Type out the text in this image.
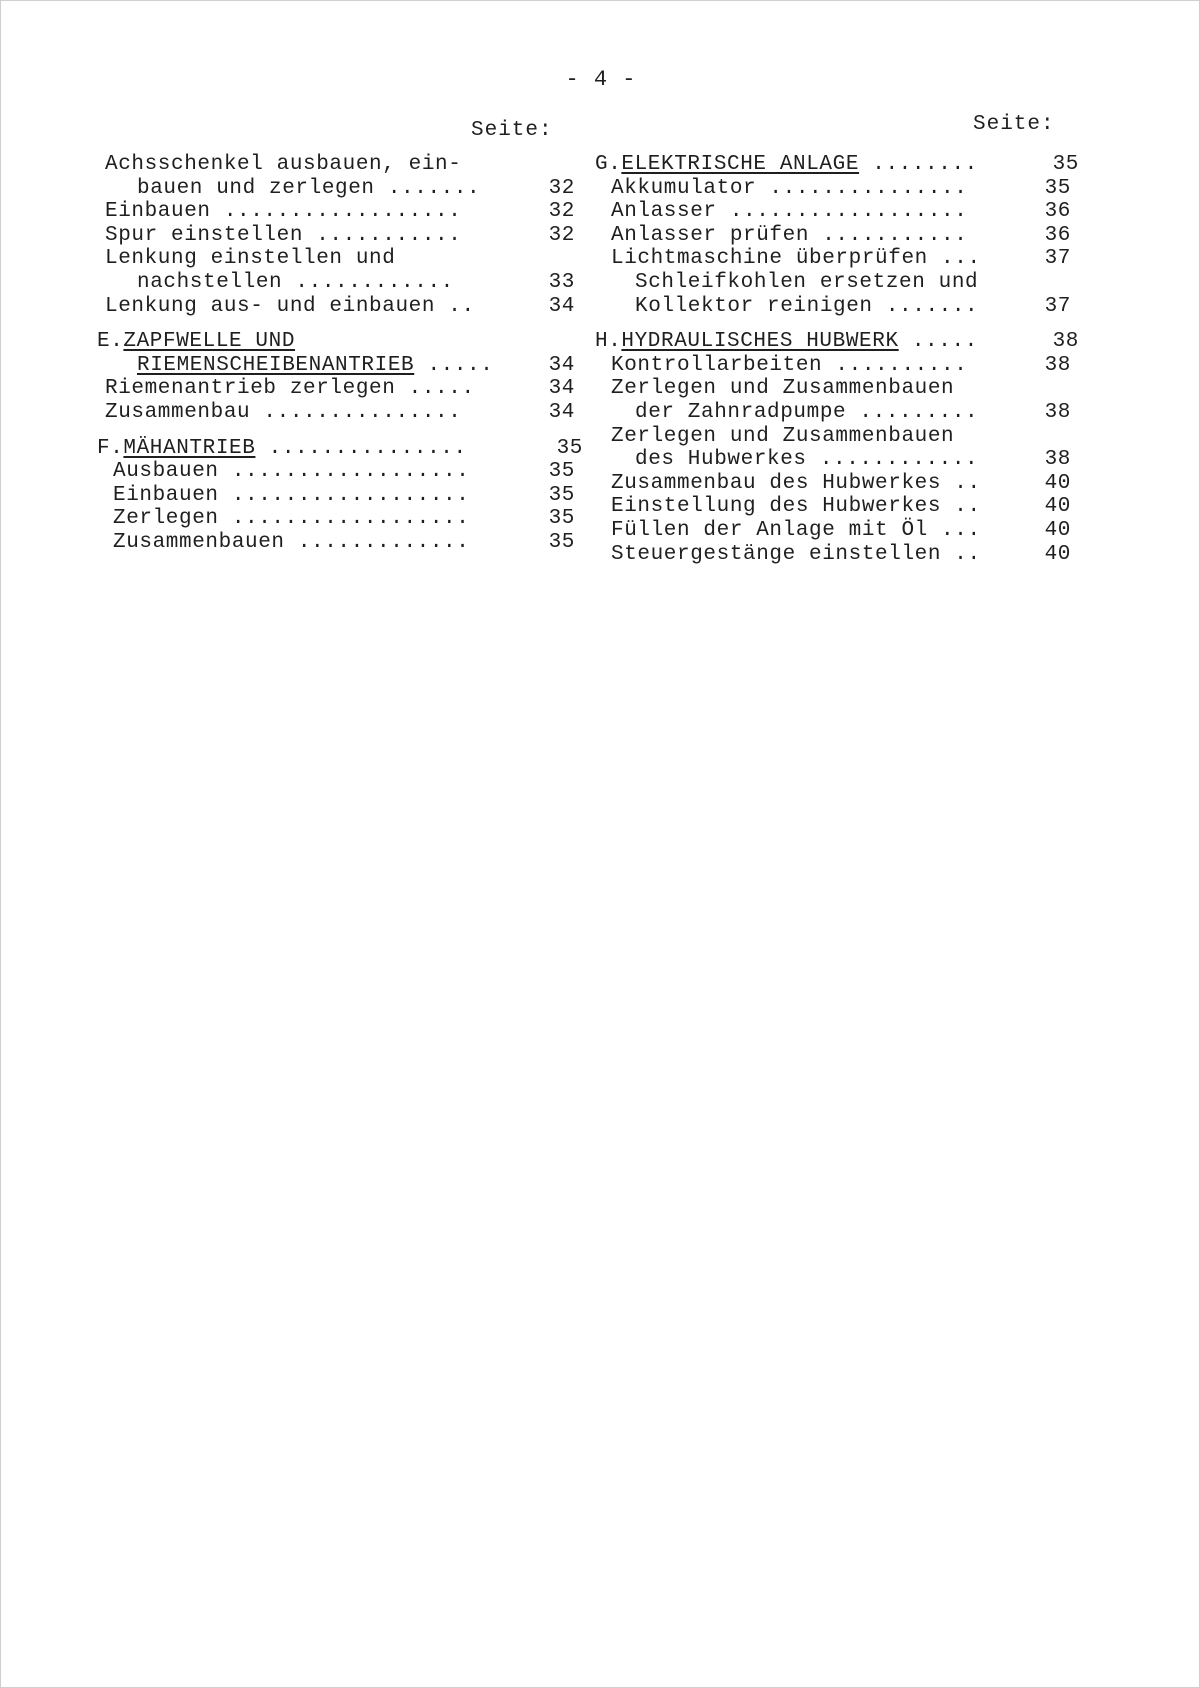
- 4 -
Seite:	Seite:
Achsschenkel ausbauen, ein-
bauen und zerlegen .......	32
Einbauen ..................	32
Spur einstellen ...........	32
Lenkung einstellen und
nachstellen ............	33
Lenkung aus- und einbauen ..	34
E.ZAPFWELLE UND
RIEMENSCHEIBENANTRIEB .....	34
Riemenantrieb zerlegen .....	34
Zusammenbau ...............	34
F.MÄHANTRIEB ...............	35
Ausbauen ..................	35
Einbauen ..................	35
Zerlegen ..................	35
Zusammenbauen .............	35
G.ELEKTRISCHE ANLAGE ........	35
Akkumulator ...............	35
Anlasser ..................	36
Anlasser prüfen ...........	36
Lichtmaschine überprüfen ...	37
Schleifkohlen ersetzen und
Kollektor reinigen .......	37
H.HYDRAULISCHES HUBWERK .....	38
Kontrollarbeiten ..........	38
Zerlegen und Zusammenbauen
der Zahnradpumpe .........	38
Zerlegen und Zusammenbauen
des Hubwerkes ............	38
Zusammenbau des Hubwerkes ..	40
Einstellung des Hubwerkes ..	40
Füllen der Anlage mit Öl ...	40
Steuergestänge einstellen ..	40
